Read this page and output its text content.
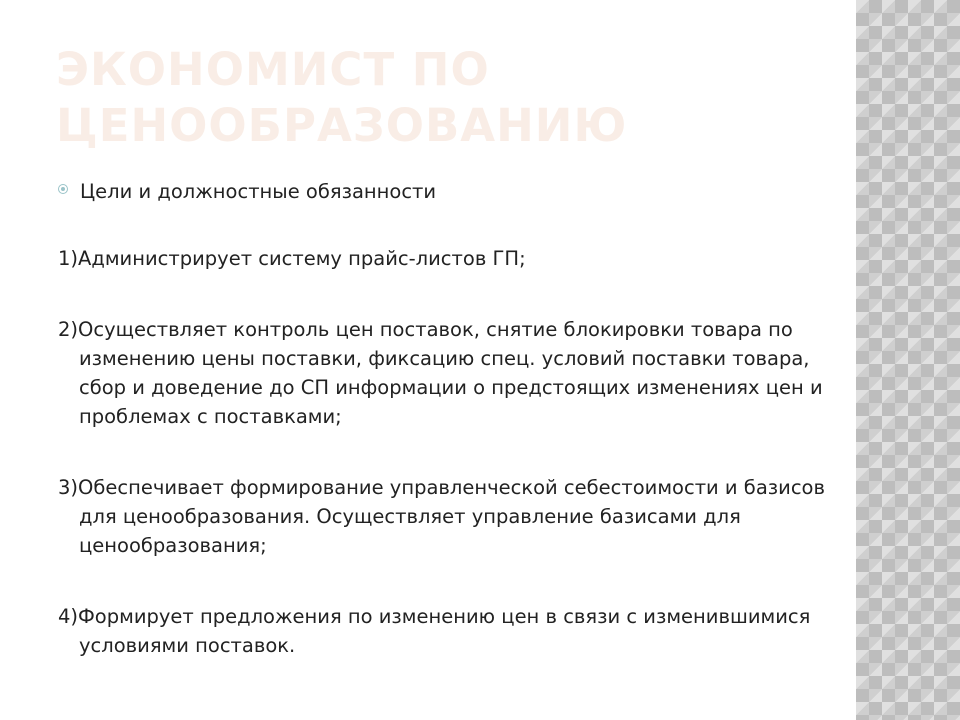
ЭКОНОМИСТ ПО ЦЕНООБРАЗОВАНИЮ
Цели и должностные обязанности
1)Администрирует систему прайс-листов ГП;
2)Осуществляет контроль цен поставок, снятие блокировки товара по изменению цены поставки, фиксацию спец. условий поставки товара, сбор и доведение до СП информации о предстоящих изменениях цен и проблемах с поставками;
3)Обеспечивает формирование управленческой себестоимости и базисов для ценообразования. Осуществляет управление базисами для ценообразования;
4)Формирует предложения по изменению цен в связи с изменившимися условиями поставок.
